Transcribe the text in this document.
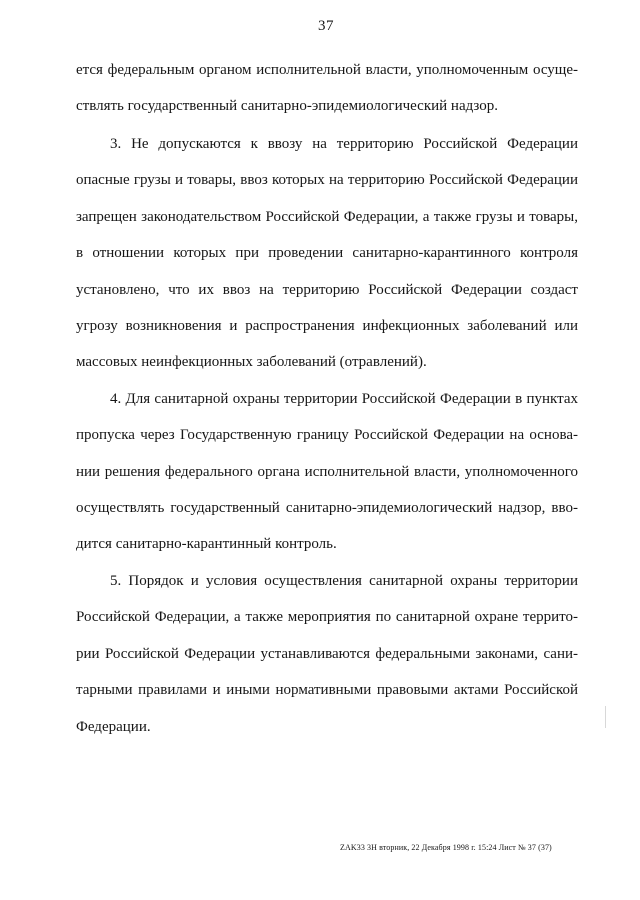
37
ется федеральным органом исполнительной власти, уполномоченным осуще-
ствлять государственный санитарно-эпидемиологический надзор.
3. Не допускаются к ввозу на территорию Российской Федерации
опасные грузы и товары, ввоз которых на территорию Российской Федерации
запрещен законодательством Российской Федерации, а также грузы и товары,
в отношении которых при проведении санитарно-карантинного контроля
установлено, что их ввоз на территорию Российской Федерации создаст
угрозу возникновения и распространения инфекционных заболеваний или
массовых неинфекционных заболеваний (отравлений).
4. Для санитарной охраны территории Российской Федерации в пунктах
пропуска через Государственную границу Российской Федерации на основа-
нии решения федерального органа исполнительной власти, уполномоченного
осуществлять государственный санитарно-эпидемиологический надзор, вво-
дится санитарно-карантинный контроль.
5. Порядок и условия осуществления санитарной охраны территории
Российской Федерации, а также мероприятия по санитарной охране террито-
рии Российской Федерации устанавливаются федеральными законами, сани-
тарными правилами и иными нормативными правовыми актами Российской
Федерации.
ZAK33 3Н вторник, 22 Декабря 1998 г. 15:24 Лист № 37 (37)
